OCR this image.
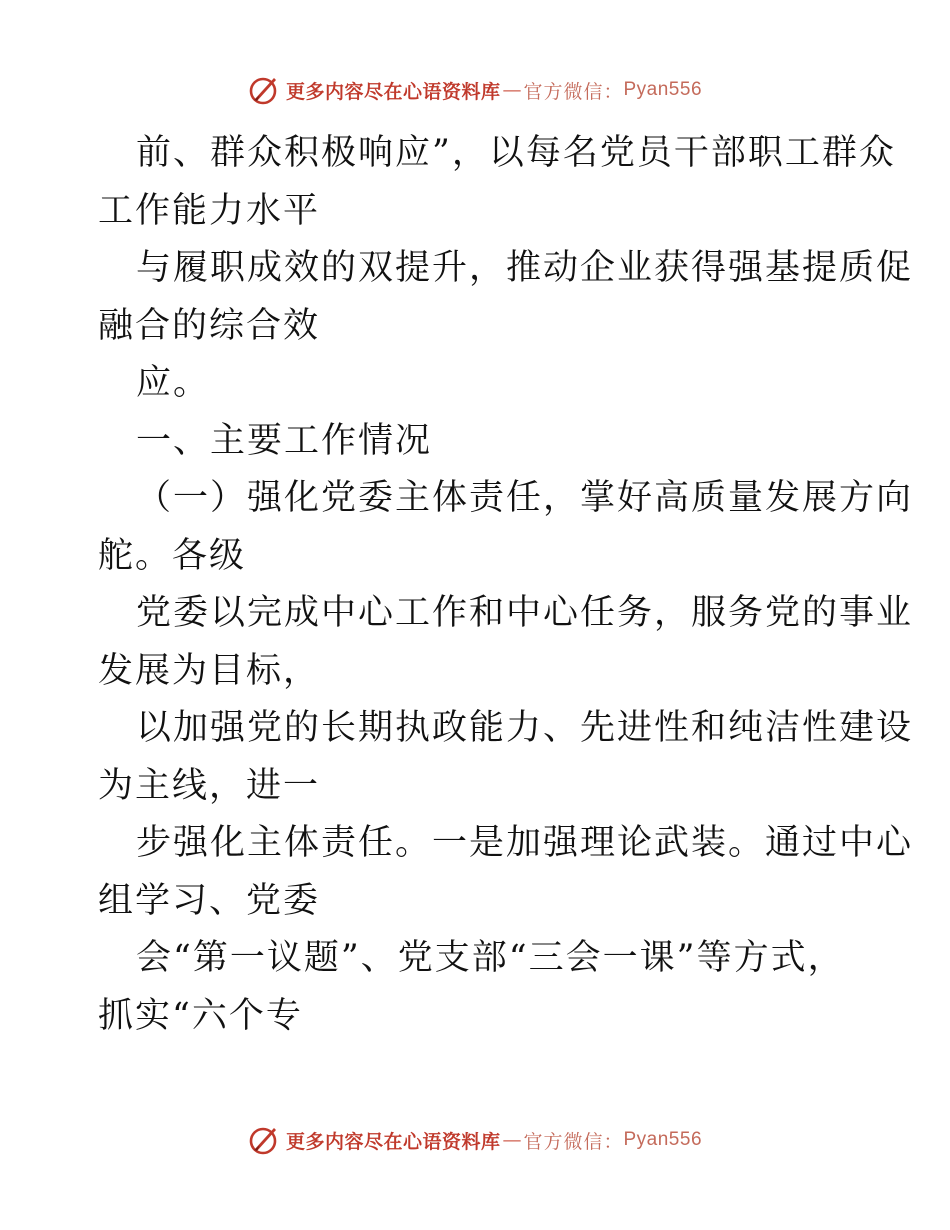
更多内容尽在心语资料库 — 官方微信： Pyan556
前、群众积极响应”，以每名党员干部职工群众
工作能力水平
与履职成效的双提升，推动企业获得强基提质促
融合的综合效
应。
一、主要工作情况
（一）强化党委主体责任，掌好高质量发展方向
舵。各级
党委以完成中心工作和中心任务，服务党的事业
发展为目标，
以加强党的长期执政能力、先进性和纯洁性建设
为主线，进一
步强化主体责任。一是加强理论武装。通过中心
组学习、党委
会“第一议题”、党支部“三会一课”等方式，
抓实“六个专
更多内容尽在心语资料库 — 官方微信： Pyan556
